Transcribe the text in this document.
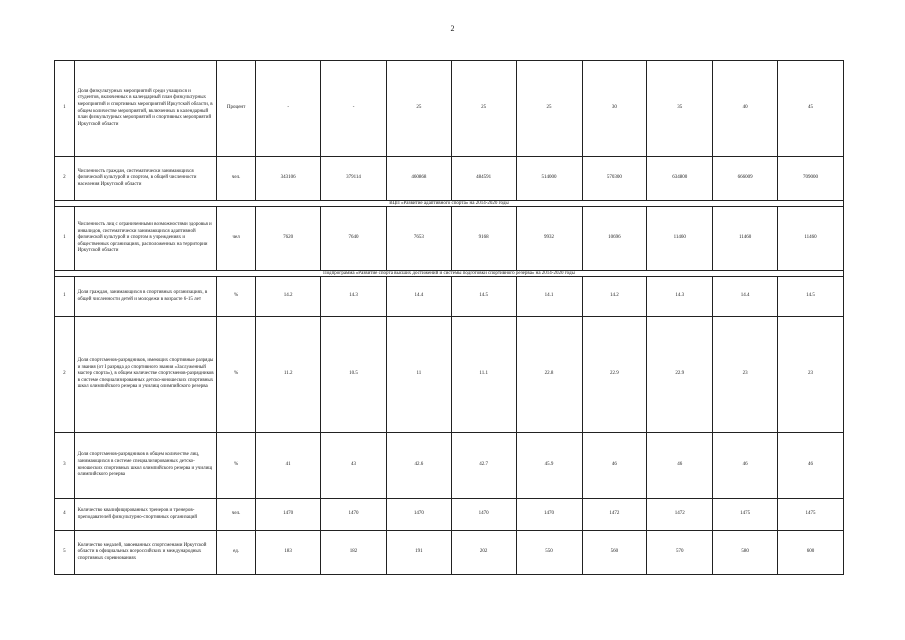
2
1	Доля физкультурных мероприятий среди учащихся и студентов, включенных в календарный план физкультурных мероприятий и спортивных мероприятий Иркутской области, в общем количестве мероприятий, включенных в календарный план физкультурных мероприятий и спортивных мероприятий Иркутской области	Процент	-	-	25	25	25	30	35	40	45
2	Численность граждан, систематически занимающихся физической культурой и спортом, в общей численности населения Иркутской области	чел.	343106	379114	460868	484591	514000	570300	634800	666009	709000
ВЦП «Развитие адаптивного спорта» на 2014-2020 годы											
1	Численность лиц с ограниченными возможностями здоровья и инвалидов, систематически занимающихся адаптивной физической культурой и спортом в учреждениях и общественных организациях, расположенных на территории Иркутской области	чел	7620	7640	7653	9168	9932	10696	11460	11460	11460
Подпрограмма «Развитие спорта высших достижений и системы подготовки спортивного резерва» на 2014-2020 годы											
1	Доля граждан, занимающихся в спортивных организациях, в общей численности детей и молодежи в возрасте 6-15 лет	%	14.2	14.3	14.4	14.5	14.1	14.2	14.3	14.4	14.5
2	Доля спортсменов-разрядников, имеющих спортивные разряды и звания (от I разряда до спортивного звания «Заслуженный мастер спорта»), в общем количестве спортсменов-разрядников в системе специализированных детско-юношеских спортивных школ олимпийского резерва и училищ олимпийского резерва	%	11.2	10.5	11	11.1	22.8	22.9	22.9	23	23
3	Доля спортсменов-разрядников в общем количестве лиц, занимающихся в системе специализированных детско-юношеских спортивных школ олимпийского резерва и училищ олимпийского резерва	%	41	43	42.6	42.7	45.9	46	46	46	46
4	Количество квалифицированных тренеров и тренеров-преподавателей физкультурно-спортивных организаций	чел.	1470	1470	1470	1470	1470	1472	1472	1475	1475
5	Количество медалей, завоеванных спортсменами Иркутской области в официальных всероссийских и международных спортивных соревнованиях	ед.	183	182	191	202	550	560	570	580	600
